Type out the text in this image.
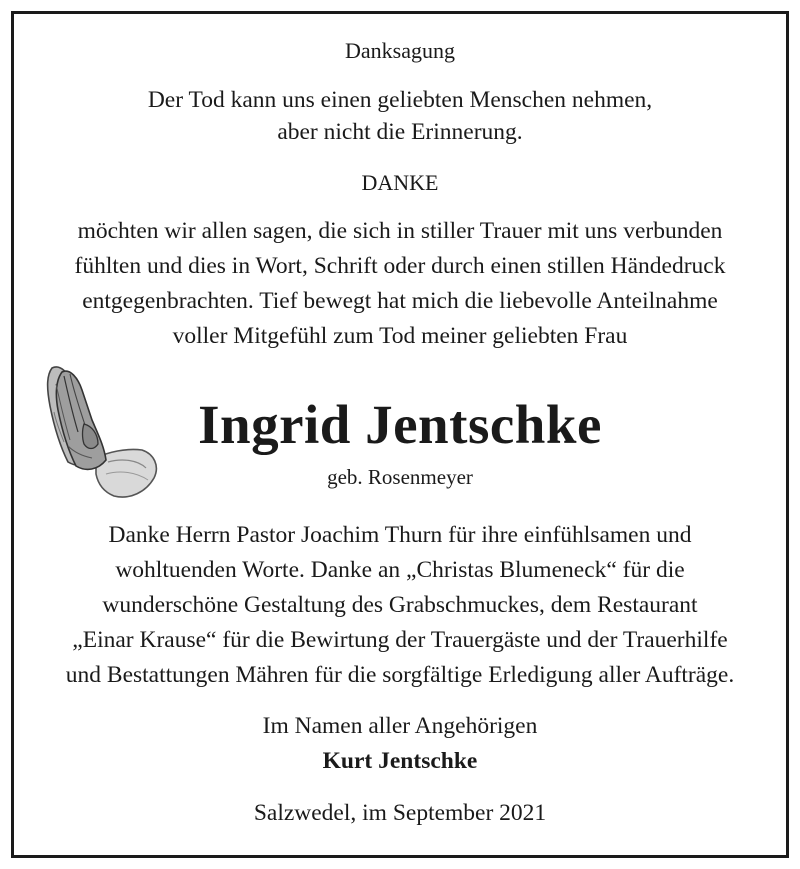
Danksagung
Der Tod kann uns einen geliebten Menschen nehmen,
aber nicht die Erinnerung.
DANKE
möchten wir allen sagen, die sich in stiller Trauer mit uns verbunden
fühlten und dies in Wort, Schrift oder durch einen stillen Händedruck
entgegenbrachten. Tief bewegt hat mich die liebevolle Anteilnahme
voller Mitgefühl zum Tod meiner geliebten Frau
Ingrid Jentschke
geb. Rosenmeyer
Danke Herrn Pastor Joachim Thurn für ihre einfühlsamen und
wohltuenden Worte. Danke an „Christas Blumeneck“ für die
wunderschöne Gestaltung des Grabschmuckes, dem Restaurant
„Einar Krause“ für die Bewirtung der Trauergäste und der Trauerhilfe
und Bestattungen Mähren für die sorgfältige Erledigung aller Aufträge.
Im Namen aller Angehörigen
Kurt Jentschke
Salzwedel, im September 2021
